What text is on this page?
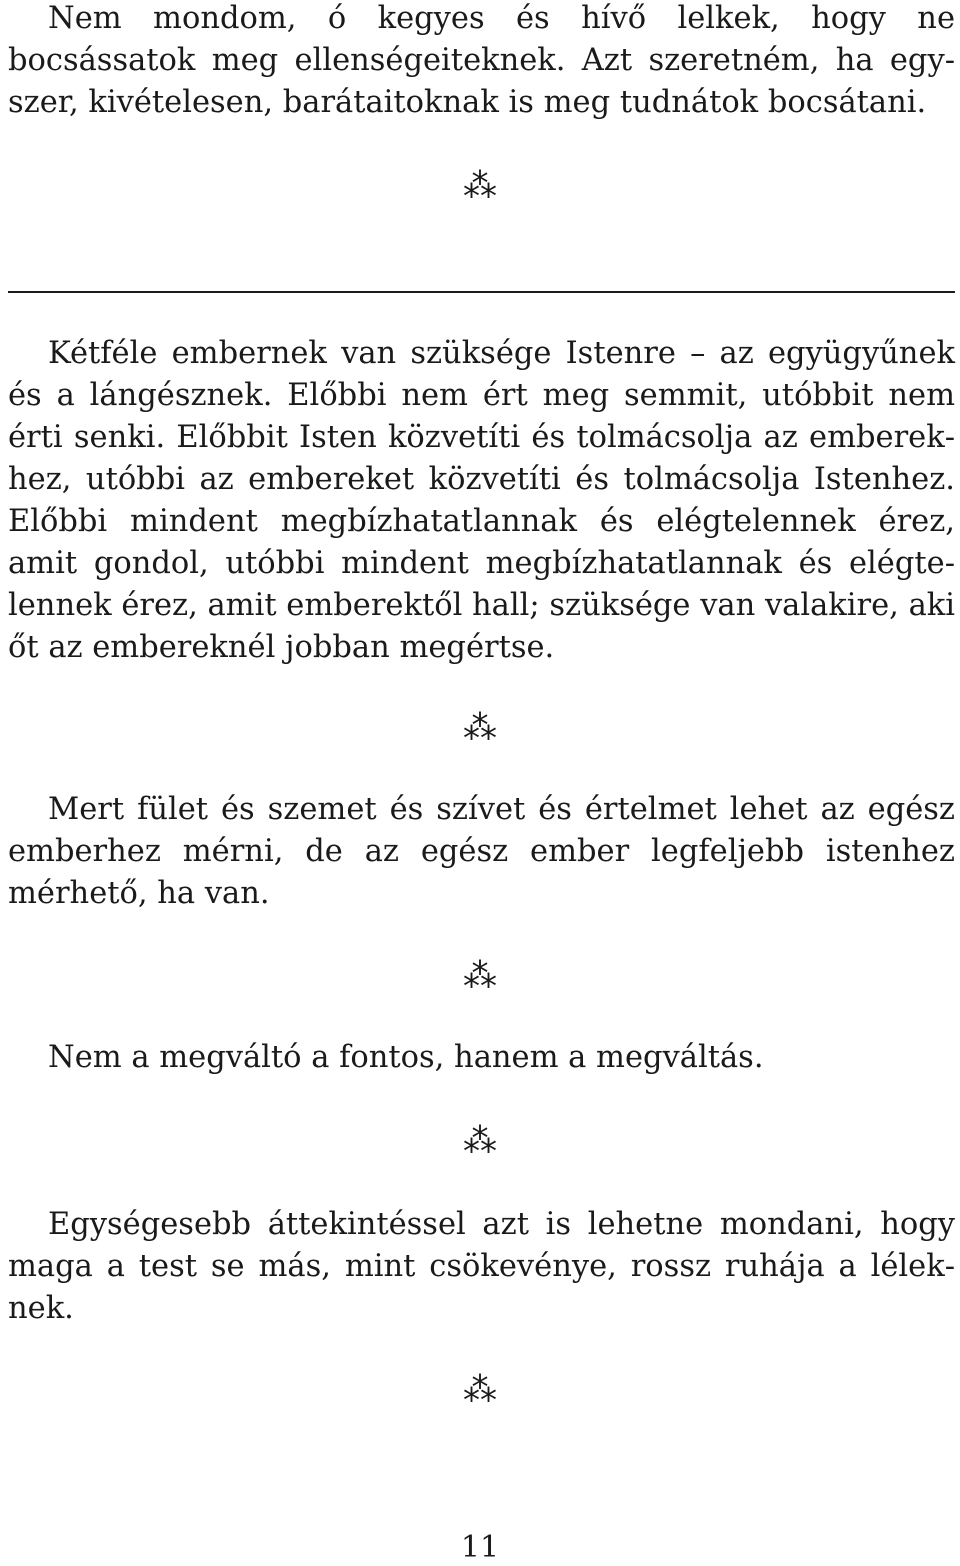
Nem mondom, ó kegyes és hívő lelkek, hogy ne bocsássatok meg ellenségeiteknek. Azt szeretném, ha egyszer, kivételesen, barátaitoknak is meg tudnátok bocsátani.

⁂

Kétféle embernek van szüksége Istenre – az együgyűnek és a lángésznek. Előbbi nem ért meg semmit, utóbbit nem érti senki. Előbbit Isten közvetíti és tolmácsolja az emberekhez, utóbbi az embereket közvetíti és tolmácsolja Istenhez. Előbbi mindent megbízhatatlannak és elégtelennek érez, amit gondol, utóbbi mindent megbízhatatlannak és elégtelennek érez, amit emberektől hall; szüksége van valakire, aki őt az embereknél jobban megértse.

⁂

Mert fület és szemet és szívet és értelmet lehet az egész emberhez mérni, de az egész ember legfeljebb istenhez mérhető, ha van.

⁂

Nem a megváltó a fontos, hanem a megváltás.

⁂

Egységesebb áttekintéssel azt is lehetne mondani, hogy maga a test se más, mint csökevénye, rossz ruhája a léleknek.

⁂
11
